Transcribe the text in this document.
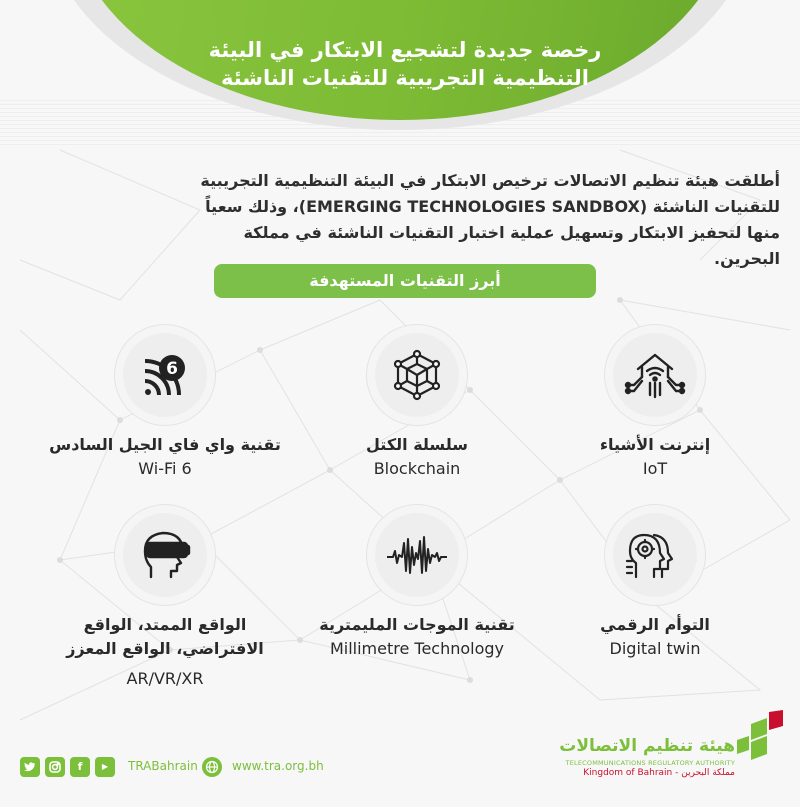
رخصة جديدة لتشجيع الابتكار في البيئة
التنظيمية التجريبية للتقنيات الناشئة
أطلقت هيئة تنظيم الاتصالات ترخيص الابتكار في البيئة التنظيمية التجريبية للتقنيات الناشئة (EMERGING TECHNOLOGIES SANDBOX)، وذلك سعياً منها لتحفيز الابتكار وتسهيل عملية اختبار التقنيات الناشئة في مملكة البحرين.
أبرز التقنيات المستهدفة
إنترنت الأشياء
IoT
سلسلة الكتل
Blockchain
6
تقنية واي فاي الجيل السادس
Wi-Fi 6
التوأم الرقمي
Digital twin
تقنية الموجات المليمترية
Millimetre Technology
الواقع الممتد، الواقع
الافتراضي، الواقع المعزز
AR/VR/XR
هيئة تنظيم الاتصالات
TELECOMMUNICATIONS REGULATORY AUTHORITY
Kingdom of Bahrain - مملكة البحرين
f	▶	TRABahrain	www.tra.org.bh
